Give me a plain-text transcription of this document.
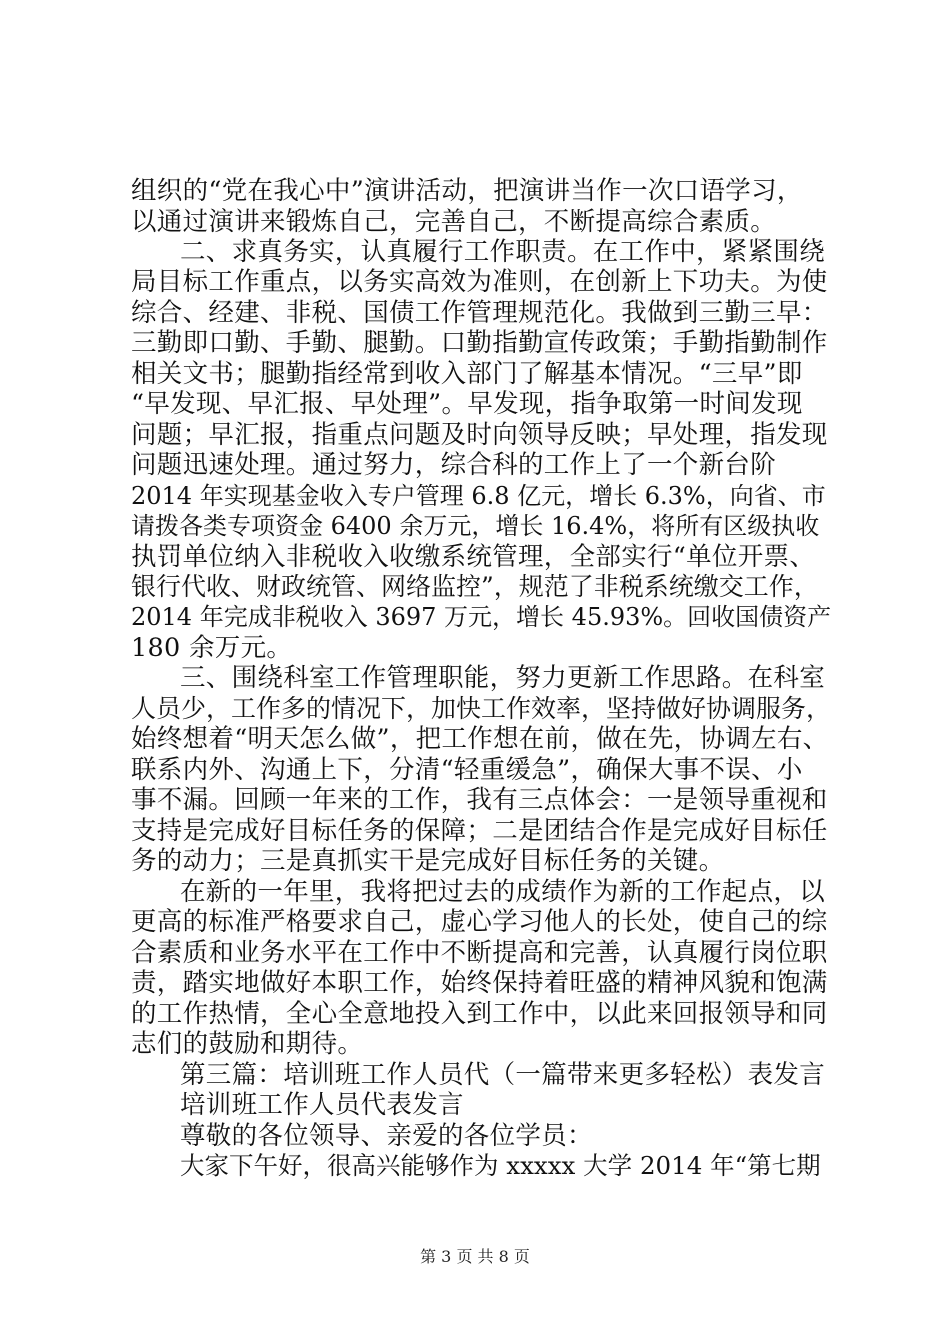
组织的“党在我心中”演讲活动，把演讲当作一次口语学习，
以通过演讲来锻炼自己，完善自己，不断提高综合素质。
二、求真务实，认真履行工作职责。在工作中，紧紧围绕
局目标工作重点，以务实高效为准则，在创新上下功夫。为使
综合、经建、非税、国债工作管理规范化。我做到三勤三早：
三勤即口勤、手勤、腿勤。口勤指勤宣传政策；手勤指勤制作
相关文书；腿勤指经常到收入部门了解基本情况。“三早”即
“早发现、早汇报、早处理”。早发现，指争取第一时间发现
问题；早汇报，指重点问题及时向领导反映；早处理，指发现
问题迅速处理。通过努力，综合科的工作上了一个新台阶
2014 年实现基金收入专户管理 6.8 亿元，增长 6.3%，向省、市
请拨各类专项资金 6400 余万元，增长 16.4%，将所有区级执收
执罚单位纳入非税收入收缴系统管理，全部实行“单位开票、
银行代收、财政统管、网络监控”，规范了非税系统缴交工作，
2014 年完成非税收入 3697 万元，增长 45.93%。回收国债资产
180 余万元。
三、围绕科室工作管理职能，努力更新工作思路。在科室
人员少，工作多的情况下，加快工作效率，坚持做好协调服务，
始终想着“明天怎么做”，把工作想在前，做在先，协调左右、
联系内外、沟通上下，分清“轻重缓急”，确保大事不误、小
事不漏。回顾一年来的工作，我有三点体会：一是领导重视和
支持是完成好目标任务的保障；二是团结合作是完成好目标任
务的动力；三是真抓实干是完成好目标任务的关键。
在新的一年里，我将把过去的成绩作为新的工作起点，以
更高的标准严格要求自己，虚心学习他人的长处，使自己的综
合素质和业务水平在工作中不断提高和完善，认真履行岗位职
责，踏实地做好本职工作，始终保持着旺盛的精神风貌和饱满
的工作热情，全心全意地投入到工作中，以此来回报领导和同
志们的鼓励和期待。
第三篇：培训班工作人员代（一篇带来更多轻松）表发言
培训班工作人员代表发言
尊敬的各位领导、亲爱的各位学员：
大家下午好，很高兴能够作为 xxxxx 大学 2014 年“第七期
第 3 页 共 8 页
